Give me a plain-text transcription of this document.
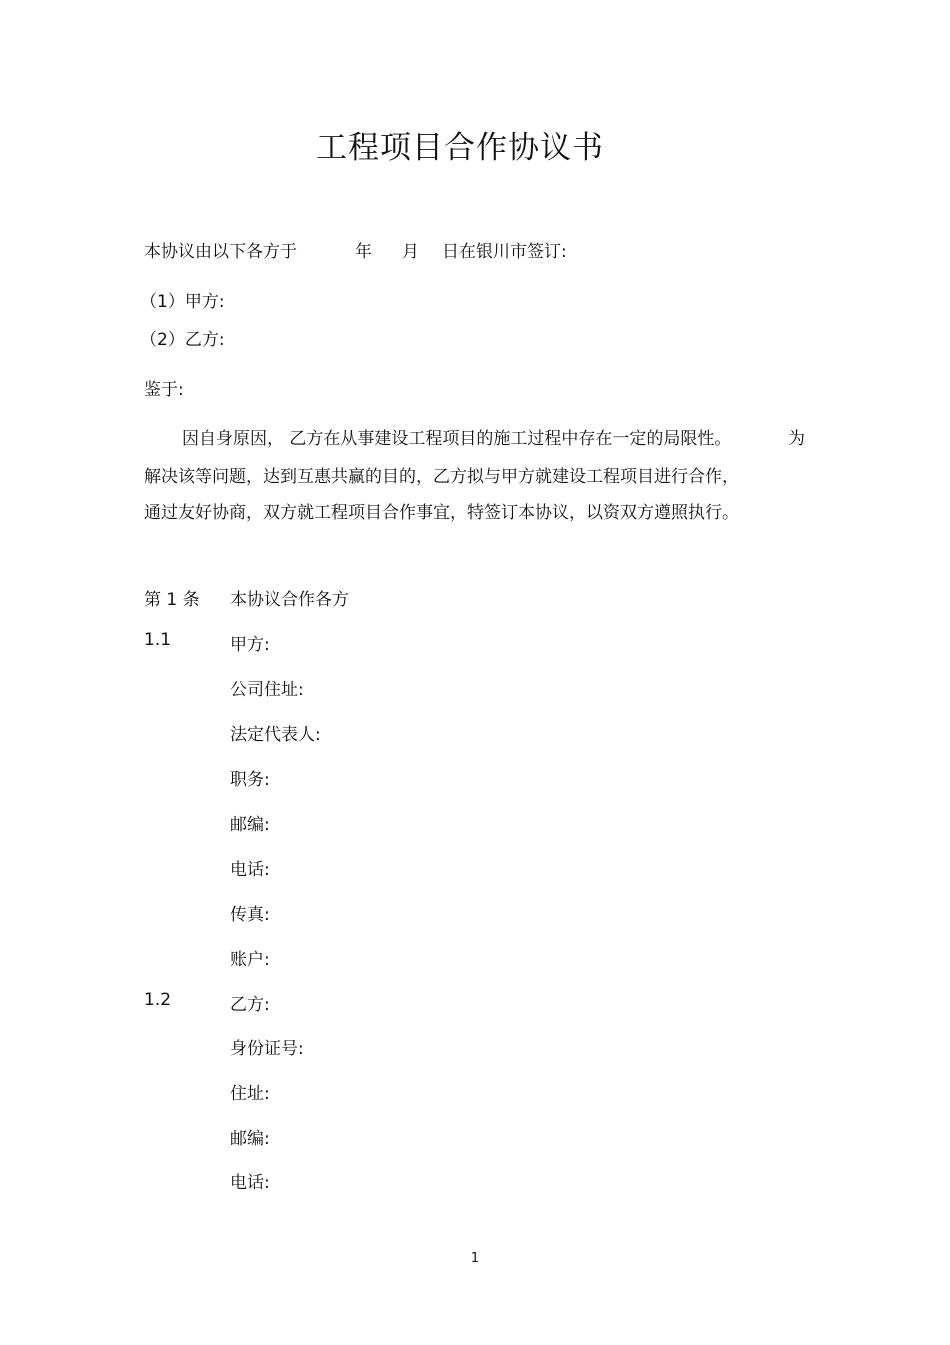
工程项目合作协议书
本协议由以下各方于	年 月 日在银川市签订:
（1）甲方:
（2）乙方:
鉴于:
因自身原因， 乙方在从事建设工程项目的施工过程中存在一定的局限性。	为
解决该等问题，达到互惠共赢的目的，乙方拟与甲方就建设工程项目进行合作，
通过友好协商，双方就工程项目合作事宜，特签订本协议，以资双方遵照执行。
第 1 条 本协议合作各方
1.1	甲方:
公司住址:
法定代表人:
职务:
邮编:
电话:
传真:
账户:
1.2	乙方:
身份证号:
住址:
邮编:
电话:
1
